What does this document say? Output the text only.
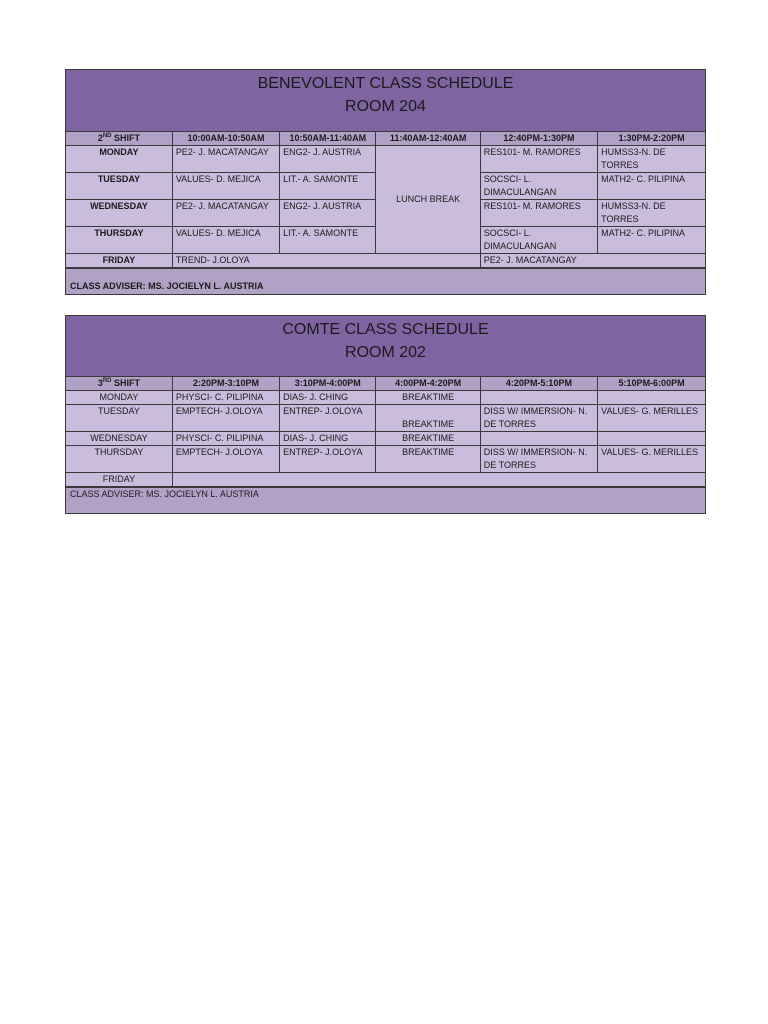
BENEVOLENT CLASS SCHEDULE
ROOM 204
2ND SHIFT	10:00AM-10:50AM	10:50AM-11:40AM	11:40AM-12:40AM	12:40PM-1:30PM	1:30PM-2:20PM
MONDAY	PE2- J. MACATANGAY	ENG2- J. AUSTRIA	LUNCH BREAK	RES101- M. RAMORES	HUMSS3-N. DE TORRES
TUESDAY	VALUES- D. MEJICA	LIT.- A. SAMONTE		SOCSCI- L. DIMACULANGAN	MATH2- C. PILIPINA
WEDNESDAY	PE2- J. MACATANGAY	ENG2- J. AUSTRIA		RES101- M. RAMORES	HUMSS3-N. DE TORRES
THURSDAY	VALUES- D. MEJICA	LIT.- A. SAMONTE		SOCSCI- L. DIMACULANGAN	MATH2- C. PILIPINA
FRIDAY	TREND- J.OLOYA			PE2- J. MACATANGAY	
CLASS ADVISER: MS. JOCIELYN L. AUSTRIA
COMTE CLASS SCHEDULE
ROOM 202
3RD SHIFT	2:20PM-3:10PM	3:10PM-4:00PM	4:00PM-4:20PM	4:20PM-5:10PM	5:10PM-6:00PM
MONDAY	PHYSCI- C. PILIPINA	DIAS- J. CHING	BREAKTIME		
TUESDAY	EMPTECH- J.OLOYA	ENTREP- J.OLOYA	BREAKTIME	DISS W/ IMMERSION- N. DE TORRES	VALUES- G. MERILLES
WEDNESDAY	PHYSCI- C. PILIPINA	DIAS- J. CHING	BREAKTIME		
THURSDAY	EMPTECH- J.OLOYA	ENTREP- J.OLOYA	BREAKTIME	DISS W/ IMMERSION- N. DE TORRES	VALUES- G. MERILLES
FRIDAY					
CLASS ADVISER: MS. JOCIELYN L. AUSTRIA
